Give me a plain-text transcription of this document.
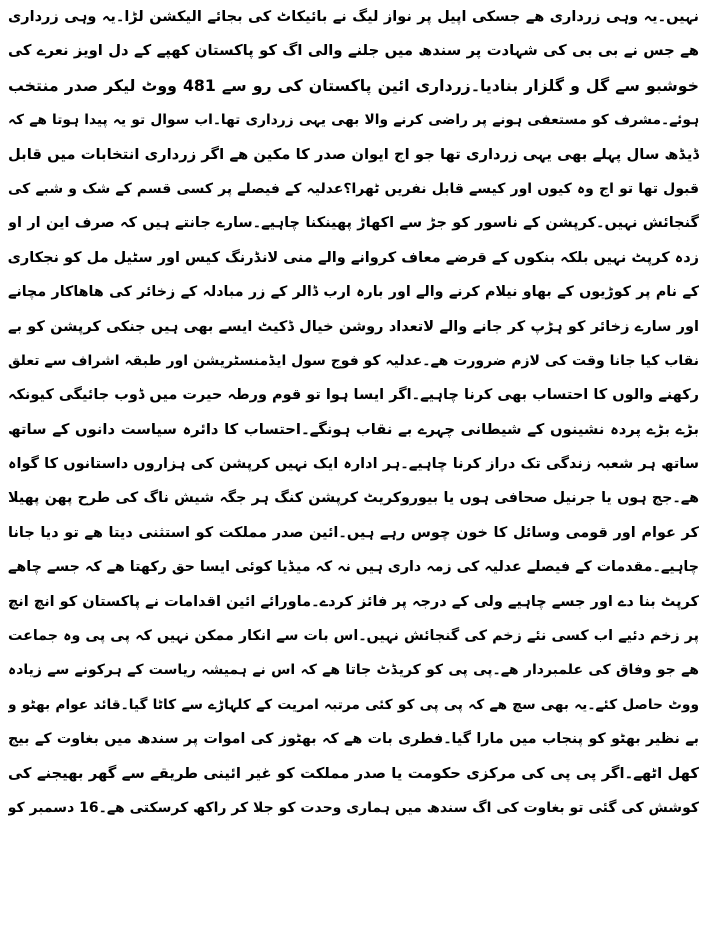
نہیں۔یہ وہی زرداری ھے جسکی اپیل پر نواز لیگ نے بائیکاٹ کی بجائے الیکشن لڑا۔یہ وہی زرداری
ھے جس نے بی بی کی شہادت پر سندھ میں جلنے والی اگ کو پاکستان کھپے کے دل اویز نعرے کی
خوشبو سے گل و گلزار بنادیا۔زرداری ائین پاکستان کی رو سے 481 ووٹ لیکر صدر منتخب
ہوئے۔مشرف کو مستعفی ہونے پر راضی کرنے والا بھی یہی زرداری تھا۔اب سوال تو یہ پیدا ہوتا ھے کہ
ڈیڈھ سال پہلے بھی یہی زرداری تھا جو اج ایوان صدر کا مکین ھے اگر زرداری انتخابات میں قابل
قبول تھا تو اج وہ کیوں اور کیسے قابل نفریں ٹھرا؟عدلیہ کے فیصلے پر کسی قسم کے شک و شبے کی
گنجائش نہیں۔کرپشن کے ناسور کو جڑ سے اکھاڑ پھینکنا چاہیے۔سارے جانتے ہیں کہ صرف این ار او
زدہ کرپٹ نہیں بلکہ بنکوں کے قرضے معاف کروانے والے منی لانڈرنگ کیس اور سٹیل مل کو نجکاری
کے نام پر کوڑیوں کے بھاو نیلام کرنے والے اور بارہ ارب ڈالر کے زر مبادلہ کے زخائر کی ھاھاکار مچانے
اور سارے زخائر کو ہڑپ کر جانے والے لاتعداد روشن خیال ڈکیٹ ایسے بھی ہیں جنکی کرپشن کو بے
نقاب کیا جانا وقت کی لازم ضرورت ھے۔عدلیہ کو فوج سول ایڈمنسٹریشن اور طبقہ اشراف سے تعلق
رکھنے والوں کا احتساب بھی کرنا چاہیے۔اگر ایسا ہوا تو قوم ورطہ حیرت میں ڈوب جائیگی کیونکہ
بڑے بڑے پردہ نشینوں کے شیطانی چہرے بے نقاب ہونگے۔احتساب کا دائرہ سیاست دانوں کے ساتھ
ساتھ ہر شعبہ زندگی تک دراز کرنا چاہیے۔ہر ادارہ ایک نہیں کرپشن کی ہزاروں داستانوں کا گواہ
ھے۔جج ہوں یا جرنیل صحافی ہوں یا بیوروکریٹ کرپشن کنگ ہر جگہ شیش ناگ کی طرح پھن پھیلا
کر عوام اور قومی وسائل کا خون چوس رہے ہیں۔ائین صدر مملکت کو استثنی دیتا ھے تو دیا جانا
چاہیے۔مقدمات کے فیصلے عدلیہ کی زمہ داری ہیں نہ کہ میڈیا کوئی ایسا حق رکھتا ھے کہ جسے چاھے
کرپٹ بنا دے اور جسے چاہیے ولی کے درجہ پر فائز کردے۔ماورائے ائین اقدامات نے پاکستان کو انچ انچ
پر زخم دئیے اب کسی نئے زخم کی گنجائش نہیں۔اس بات سے انکار ممکن نہیں کہ پی پی وہ جماعت
ھے جو وفاق کی علمبردار ھے۔پی پی کو کریڈٹ جاتا ھے کہ اس نے ہمیشہ ریاست کے ہرکونے سے زیادہ
ووٹ حاصل کئے۔یہ بھی سچ ھے کہ پی پی کو کئی مرتبہ امریت کے کلہاڑے سے کاٹا گیا۔قائد عوام بھٹو و
بے نظیر بھٹو کو پنجاب میں مارا گیا۔فطری بات ھے کہ بھٹوز کی اموات پر سندھ میں بغاوت کے بیج
کھل اٹھے۔اگر پی پی کی مرکزی حکومت یا صدر مملکت کو غیر ائینی طریقے سے گھر بھیجنے کی
کوشش کی گئی تو بغاوت کی اگ سندھ میں ہماری وحدت کو جلا کر راکھ کرسکتی ھے۔16 دسمبر کو
